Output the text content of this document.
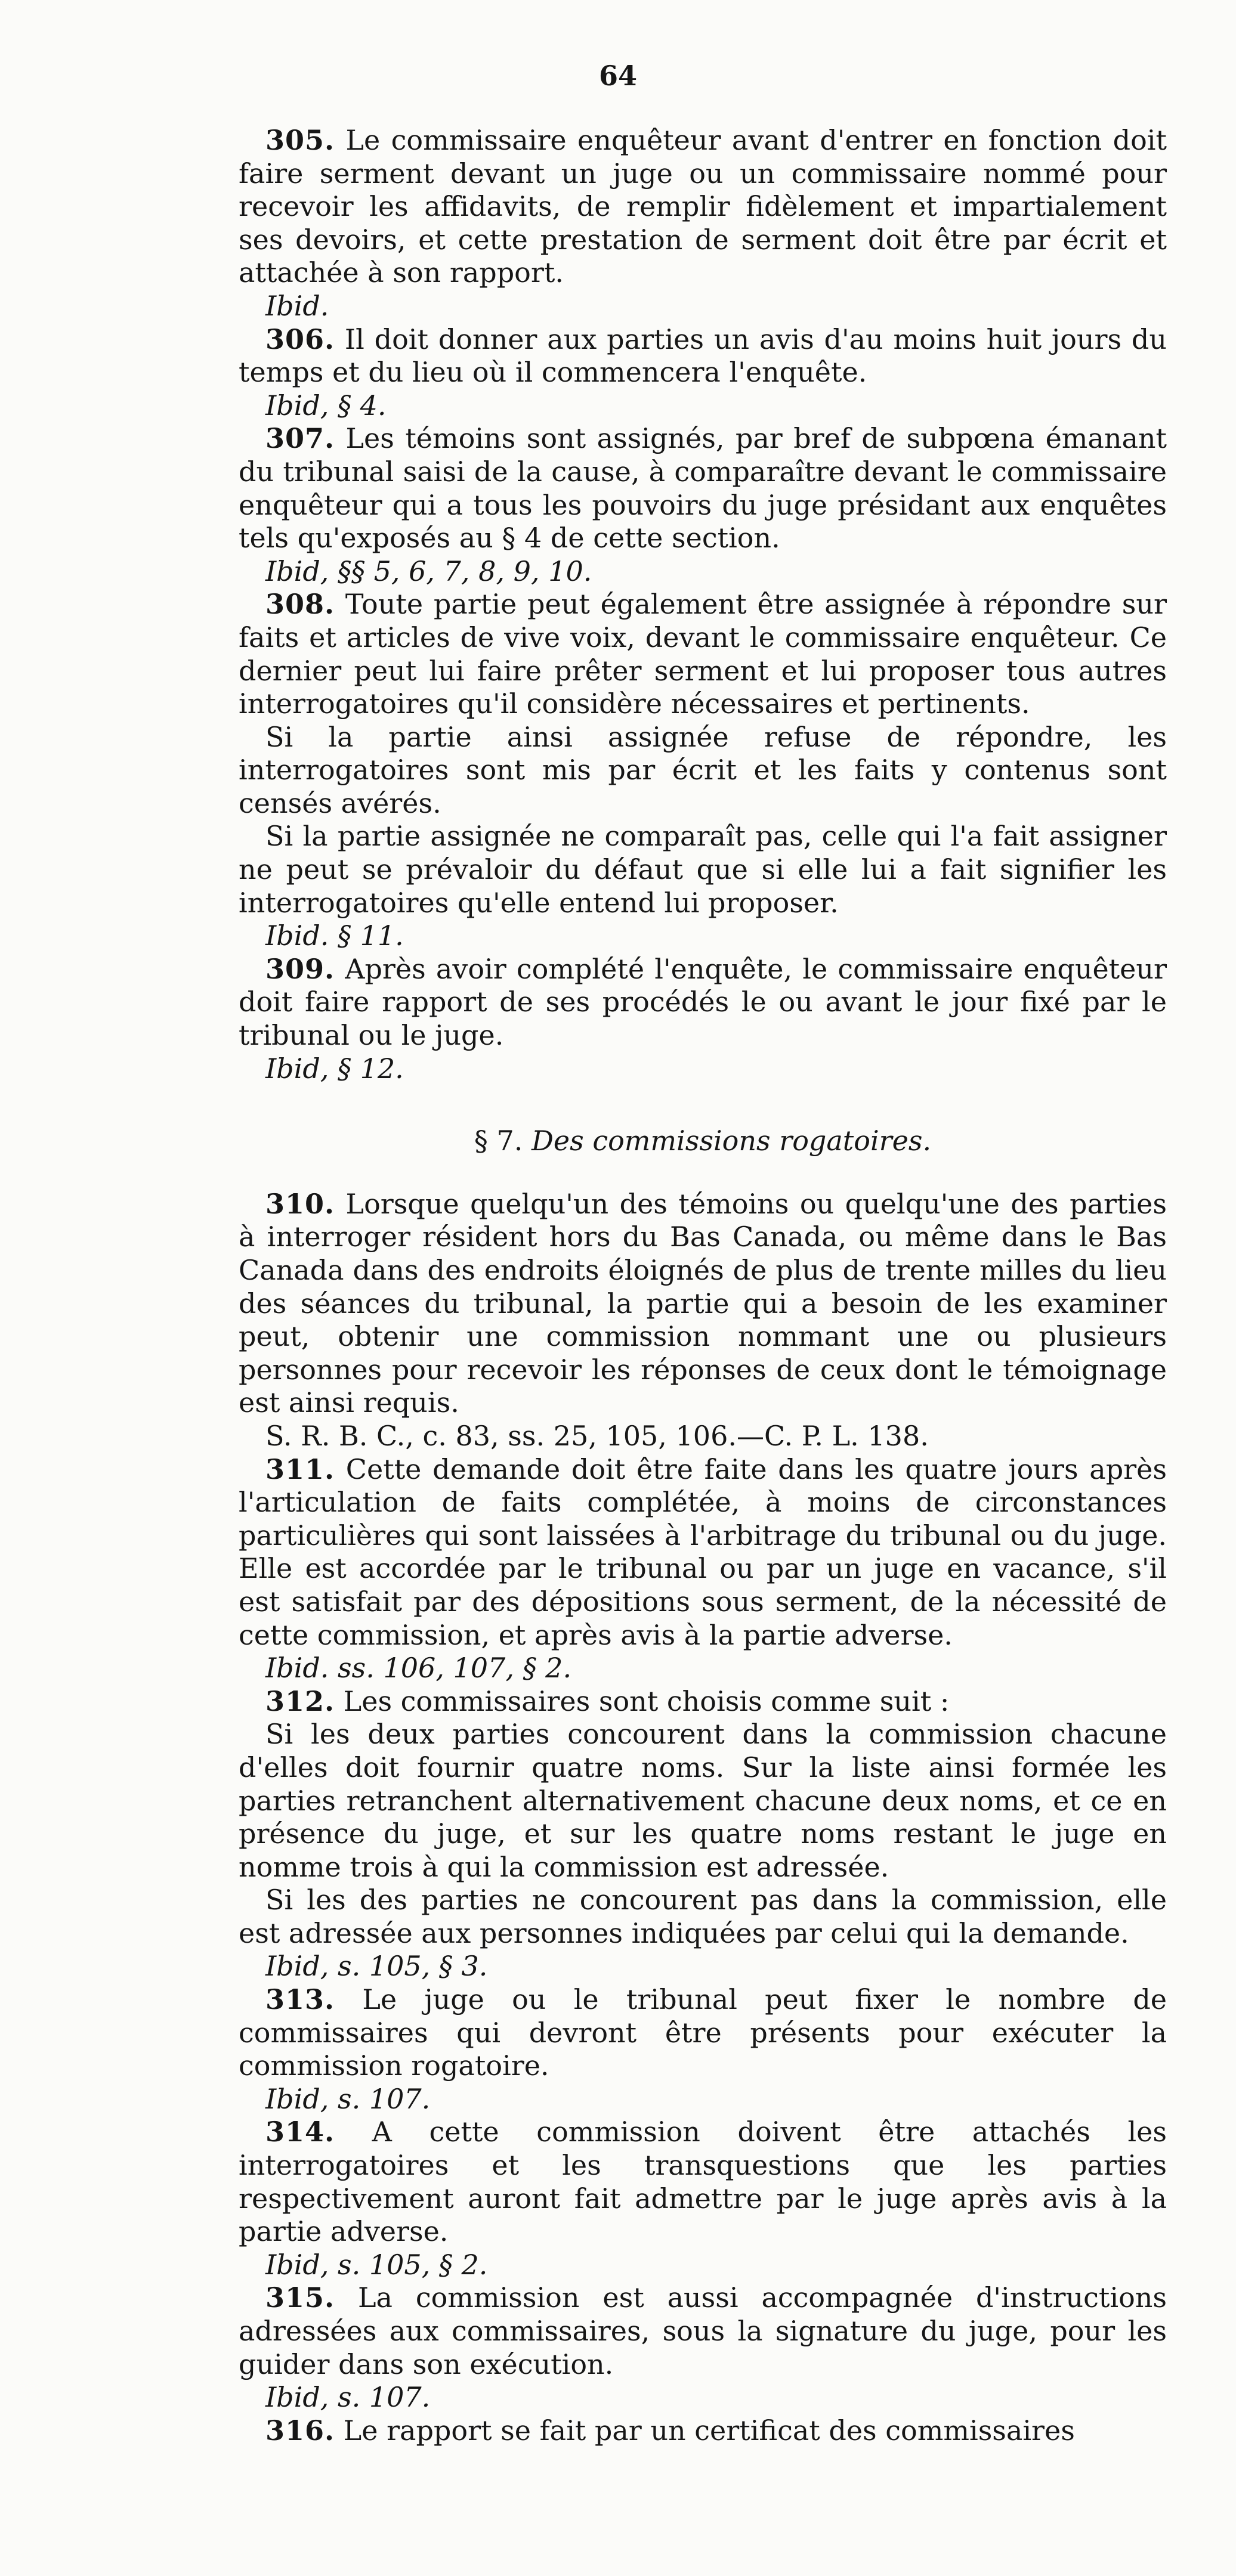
64

305. Le commissaire enquêteur avant d'entrer en fonction doit faire serment devant un juge ou un commissaire nommé pour recevoir les affidavits, de remplir fidèlement et impartialement ses devoirs, et cette prestation de serment doit être par écrit et attachée à son rapport.

Ibid.

306. Il doit donner aux parties un avis d'au moins huit jours du temps et du lieu où il commencera l'enquête.

Ibid, § 4.

307. Les témoins sont assignés, par bref de subpœna émanant du tribunal saisi de la cause, à comparaître devant le commissaire enquêteur qui a tous les pouvoirs du juge présidant aux enquêtes tels qu'exposés au § 4 de cette section.

Ibid, §§ 5, 6, 7, 8, 9, 10.

308. Toute partie peut également être assignée à répondre sur faits et articles de vive voix, devant le commissaire enquêteur. Ce dernier peut lui faire prêter serment et lui proposer tous autres interrogatoires qu'il considère nécessaires et pertinents.

Si la partie ainsi assignée refuse de répondre, les interrogatoires sont mis par écrit et les faits y contenus sont censés avérés.

Si la partie assignée ne comparaît pas, celle qui l'a fait assigner ne peut se prévaloir du défaut que si elle lui a fait signifier les interrogatoires qu'elle entend lui proposer.

Ibid. § 11.

309. Après avoir complété l'enquête, le commissaire enquêteur doit faire rapport de ses procédés le ou avant le jour fixé par le tribunal ou le juge.

Ibid, § 12.

§ 7. Des commissions rogatoires.

310. Lorsque quelqu'un des témoins ou quelqu'une des parties à interroger résident hors du Bas Canada, ou même dans le Bas Canada dans des endroits éloignés de plus de trente milles du lieu des séances du tribunal, la partie qui a besoin de les examiner peut, obtenir une commission nommant une ou plusieurs personnes pour recevoir les réponses de ceux dont le témoignage est ainsi requis.

S. R. B. C., c. 83, ss. 25, 105, 106.—C. P. L. 138.

311. Cette demande doit être faite dans les quatre jours après l'articulation de faits complétée, à moins de circonstances particulières qui sont laissées à l'arbitrage du tribunal ou du juge. Elle est accordée par le tribunal ou par un juge en vacance, s'il est satisfait par des dépositions sous serment, de la nécessité de cette commission, et après avis à la partie adverse.

Ibid. ss. 106, 107, § 2.

312. Les commissaires sont choisis comme suit :

Si les deux parties concourent dans la commission chacune d'elles doit fournir quatre noms. Sur la liste ainsi formée les parties retranchent alternativement chacune deux noms, et ce en présence du juge, et sur les quatre noms restant le juge en nomme trois à qui la commission est adressée.

Si les des parties ne concourent pas dans la commission, elle est adressée aux personnes indiquées par celui qui la demande.

Ibid, s. 105, § 3.

313. Le juge ou le tribunal peut fixer le nombre de commissaires qui devront être présents pour exécuter la commission rogatoire.

Ibid, s. 107.

314. A cette commission doivent être attachés les interrogatoires et les transquestions que les parties respectivement auront fait admettre par le juge après avis à la partie adverse.

Ibid, s. 105, § 2.

315. La commission est aussi accompagnée d'instructions adressées aux commissaires, sous la signature du juge, pour les guider dans son exécution.

Ibid, s. 107.

316. Le rapport se fait par un certificat des commissaires
